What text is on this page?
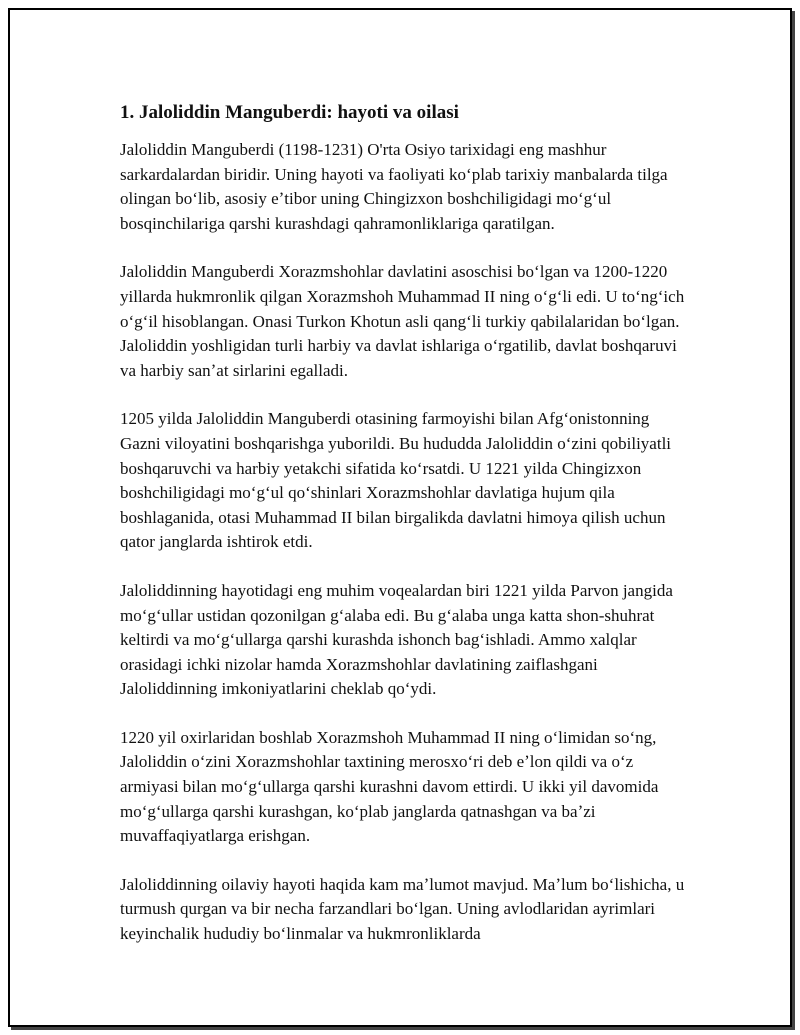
1. Jaloliddin Manguberdi: hayoti va oilasi

Jaloliddin Manguberdi (1198-1231) O'rta Osiyo tarixidagi eng mashhur sarkardalardan biridir. Uning hayoti va faoliyati koʻplab tarixiy manbalarda tilga olingan boʻlib, asosiy eʼtibor uning Chingizxon boshchiligidagi moʻgʻul bosqinchilariga qarshi kurashdagi qahramonliklariga qaratilgan.

Jaloliddin Manguberdi Xorazmshohlar davlatini asoschisi boʻlgan va 1200-1220 yillarda hukmronlik qilgan Xorazmshoh Muhammad II ning oʻgʻli edi. U toʻngʻich oʻgʻil hisoblangan. Onasi Turkon Khotun asli qangʻli turkiy qabilalaridan boʻlgan. Jaloliddin yoshligidan turli harbiy va davlat ishlariga oʻrgatilib, davlat boshqaruvi va harbiy sanʼat sirlarini egalladi.

1205 yilda Jaloliddin Manguberdi otasining farmoyishi bilan Afgʻonistonning Gazni viloyatini boshqarishga yuborildi. Bu hududda Jaloliddin oʻzini qobiliyatli boshqaruvchi va harbiy yetakchi sifatida koʻrsatdi. U 1221 yilda Chingizxon boshchiligidagi moʻgʻul qoʻshinlari Xorazmshohlar davlatiga hujum qila boshlaganida, otasi Muhammad II bilan birgalikda davlatni himoya qilish uchun qator janglarda ishtirok etdi.

Jaloliddinning hayotidagi eng muhim voqealardan biri 1221 yilda Parvon jangida moʻgʻullar ustidan qozonilgan gʻalaba edi. Bu gʻalaba unga katta shon-shuhrat keltirdi va moʻgʻullarga qarshi kurashda ishonch bagʻishladi. Ammo xalqlar orasidagi ichki nizolar hamda Xorazmshohlar davlatining zaiflashgani Jaloliddinning imkoniyatlarini cheklab qoʻydi.

1220 yil oxirlaridan boshlab Xorazmshoh Muhammad II ning oʻlimidan soʻng, Jaloliddin oʻzini Xorazmshohlar taxtining merosxoʻri deb eʼlon qildi va oʻz armiyasi bilan moʻgʻullarga qarshi kurashni davom ettirdi. U ikki yil davomida moʻgʻullarga qarshi kurashgan, koʻplab janglarda qatnashgan va baʼzi muvaffaqiyatlarga erishgan.

Jaloliddinning oilaviy hayoti haqida kam maʼlumot mavjud. Maʼlum boʻlishicha, u turmush qurgan va bir necha farzandlari boʻlgan. Uning avlodlaridan ayrimlari keyinchalik hududiy boʻlinmalar va hukmronliklarda
